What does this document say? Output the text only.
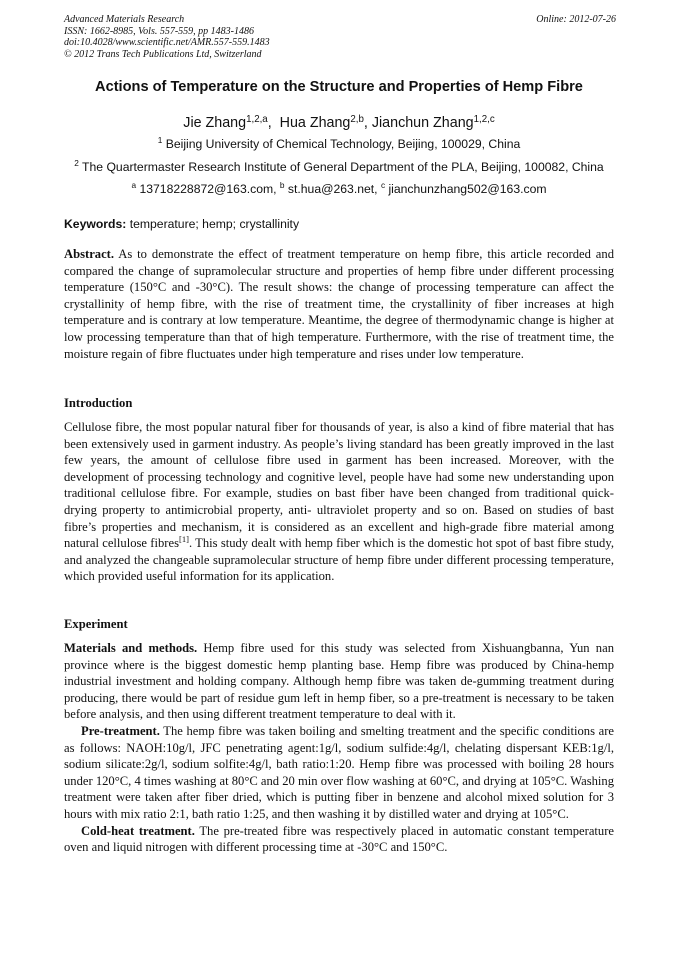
Advanced Materials Research
ISSN: 1662-8985, Vols. 557-559, pp 1483-1486
doi:10.4028/www.scientific.net/AMR.557-559.1483
© 2012 Trans Tech Publications Ltd, Switzerland
Online: 2012-07-26
Actions of Temperature on the Structure and Properties of Hemp Fibre
Jie Zhang$^{1,2,a}$,  Hua Zhang$^{2,b}$, Jianchun Zhang$^{1,2,c}$
$^1$ Beijing University of Chemical Technology, Beijing, 100029, China
$^2$ The Quartermaster Research Institute of General Department of the PLA, Beijing, 100082, China
$^a$ 13718228872@163.com, $^b$ st.hua@263.net, $^c$ jianchunzhang502@163.com
Keywords: temperature; hemp; crystallinity

Abstract. As to demonstrate the effect of treatment temperature on hemp fibre, this article recorded and compared the change of supramolecular structure and properties of hemp fibre under different processing temperature (150°C and -30°C). The result shows: the change of processing temperature can affect the crystallinity of hemp fibre, with the rise of treatment time, the crystallinity of fiber increases at high temperature and is contrary at low temperature. Meantime, the degree of thermodynamic change is higher at low processing temperature than that of high temperature. Furthermore, with the rise of treatment time, the moisture regain of fibre fluctuates under high temperature and rises under low temperature.

Introduction

Cellulose fibre, the most popular natural fiber for thousands of year, is also a kind of fibre material that has been extensively used in garment industry. As people’s living standard has been greatly improved in the last few years, the amount of cellulose fibre used in garment has been increased. Moreover, with the development of processing technology and cognitive level, people have had some new understanding upon traditional cellulose fibre. For example, studies on bast fiber have been changed from traditional quick-drying property to antimicrobial property, anti- ultraviolet property and so on. Based on studies of bast fibre’s properties and mechanism, it is considered as an excellent and high-grade fibre material among natural cellulose fibres[1]. This study dealt with hemp fiber which is the domestic hot spot of bast fibre study, and analyzed the changeable supramolecular structure of hemp fibre under different processing temperature, which provided useful information for its application.

Experiment

Materials and methods. Hemp fibre used for this study was selected from Xishuangbanna, Yun nan province where is the biggest domestic hemp planting base. Hemp fibre was produced by China-hemp industrial investment and holding company. Although hemp fibre was taken de-gumming treatment during producing, there would be part of residue gum left in hemp fiber, so a pre-treatment is necessary to be taken before analysis, and then using different treatment temperature to deal with it.

Pre-treatment. The hemp fibre was taken boiling and smelting treatment and the specific conditions are as follows: NAOH:10g/l, JFC penetrating agent:1g/l, sodium sulfide:4g/l, chelating dispersant KEB:1g/l, sodium silicate:2g/l, sodium solfite:4g/l, bath ratio:1:20. Hemp fibre was processed with boiling 28 hours under 120°C, 4 times washing at 80°C and 20 min over flow washing at 60°C, and drying at 105°C. Washing treatment were taken after fiber dried, which is putting fiber in benzene and alcohol mixed solution for 3 hours with mix ratio 2:1, bath ratio 1:25, and then washing it by distilled water and drying at 105°C.

Cold-heat treatment. The pre-treated fibre was respectively placed in automatic constant temperature oven and liquid nitrogen with different processing time at -30°C and 150°C.
